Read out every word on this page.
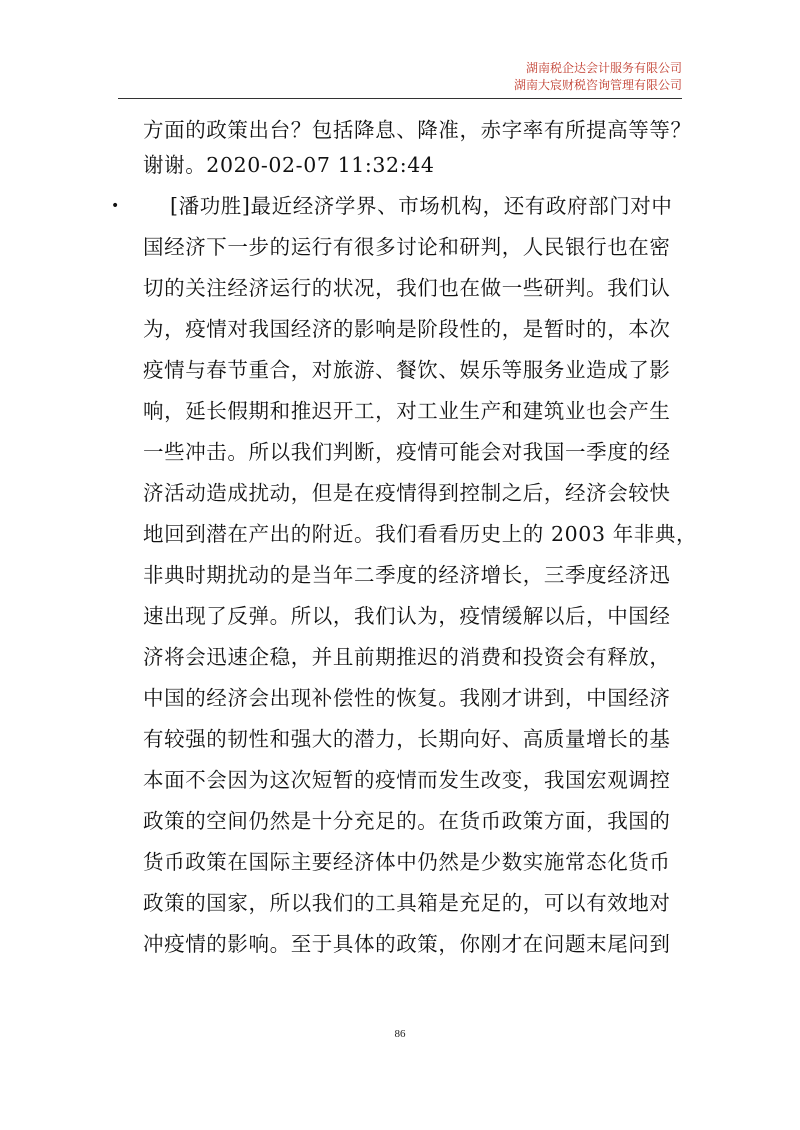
湖南税企达会计服务有限公司
湖南大宸财税咨询管理有限公司
•
方面的政策出台？包括降息、降准，赤字率有所提高等等？
谢谢。2020-02-07 11:32:44
[潘功胜]最近经济学界、市场机构，还有政府部门对中
国经济下一步的运行有很多讨论和研判，人民银行也在密
切的关注经济运行的状况，我们也在做一些研判。我们认
为，疫情对我国经济的影响是阶段性的，是暂时的，本次
疫情与春节重合，对旅游、餐饮、娱乐等服务业造成了影
响，延长假期和推迟开工，对工业生产和建筑业也会产生
一些冲击。所以我们判断，疫情可能会对我国一季度的经
济活动造成扰动，但是在疫情得到控制之后，经济会较快
地回到潜在产出的附近。我们看看历史上的 2003 年非典，
非典时期扰动的是当年二季度的经济增长，三季度经济迅
速出现了反弹。所以，我们认为，疫情缓解以后，中国经
济将会迅速企稳，并且前期推迟的消费和投资会有释放，
中国的经济会出现补偿性的恢复。我刚才讲到，中国经济
有较强的韧性和强大的潜力，长期向好、高质量增长的基
本面不会因为这次短暂的疫情而发生改变，我国宏观调控
政策的空间仍然是十分充足的。在货币政策方面，我国的
货币政策在国际主要经济体中仍然是少数实施常态化货币
政策的国家，所以我们的工具箱是充足的，可以有效地对
冲疫情的影响。至于具体的政策，你刚才在问题末尾问到
86
